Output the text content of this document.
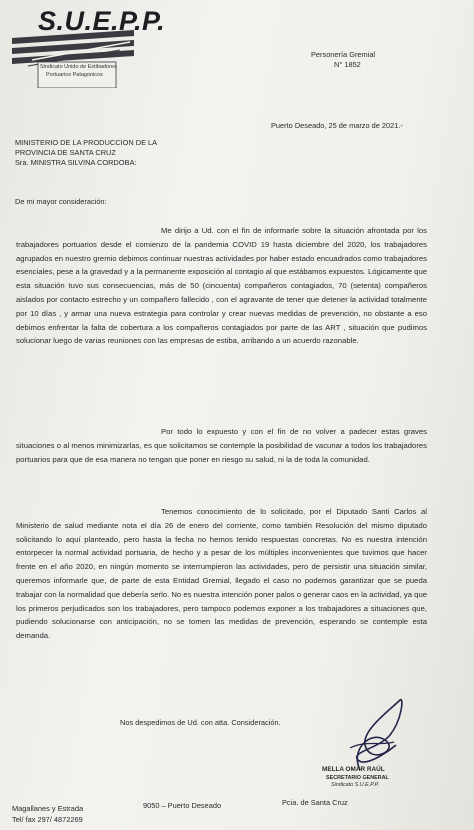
S.U.E.P.P.
Sindicato Unido de Estibadores
Portuarios Patagonicos
Personería Gremial
N° 1852
Puerto Deseado, 25 de marzo de 2021.-
MINISTERIO DE LA PRODUCCION DE LA
PROVINCIA DE SANTA CRUZ
Sra. MINISTRA SILVINA CORDOBA:
De mi mayor consideración:
Me dirijo a Ud. con el fin de informarle sobre la situación afrontada por los trabajadores portuarios desde el comienzo de la pandemia COVID 19 hasta diciembre del 2020, los trabajadores agrupados en nuestro gremio debimos continuar nuestras actividades por haber estado encuadrados como trabajadores esenciales, pese a la gravedad y a la permanente exposición al contagio al que estábamos expuestos. Lógicamente que esta situación tuvo sus consecuencias, más de 50 (cincuenta) compañeros contagiados, 70 (setenta) compañeros aislados por contacto estrecho y un compañero fallecido , con el agravante de tener que detener la actividad totalmente por 10 días , y armar una nueva estrategia para controlar y crear nuevas medidas de prevención, no obstante a eso debimos enfrentar la falta de cobertura a los compañeros contagiados por parte de las ART , situación que pudimos solucionar luego de varias reuniones con las empresas de estiba, arribando a un acuerdo razonable.
Por todo lo expuesto y con el fin de no volver a padecer estas graves situaciones o al menos minimizarlas, es que solicitamos se contemple la posibilidad de vacunar a todos los trabajadores portuarios para que de esa manera no tengan que poner en riesgo su salud, ni la de toda la comunidad.
Tenemos conocimiento de lo solicitado, por el Diputado Santi Carlos al Ministerio de salud mediante nota el día 26 de enero del corriente, como también Resolución del mismo diputado solicitando lo aquí planteado, pero hasta la fecha no hemos tenido respuestas concretas. No es nuestra intención entorpecer la normal actividad portuaria, de hecho y a pesar de los múltiples inconvenientes que tuvimos que hacer frente en el año 2020, en ningún momento se interrumpieron las actividades, pero de persistir una situación similar, queremos informarle que, de parte de esta Entidad Gremial, llegado el caso no podemos garantizar que se pueda trabajar con la normalidad que debería serlo. No es nuestra intención poner palos o generar caos en la actividad, ya que los primeros perjudicados son los trabajadores, pero tampoco podemos exponer a los trabajadores a situaciones que, pudiendo solucionarse con anticipación, no se tomen las medidas de prevención, esperando se contemple esta demanda.
Nos despedimos de Ud. con atta. Consideración.
MELLA OMAR RAÚL
SECRETARIO GENERAL
Sindicato S.U.E.P.P.
Magallanes y Estrada
Tel/ fax 297/ 4872269
9050 – Puerto Deseado	Pcia. de Santa Cruz
